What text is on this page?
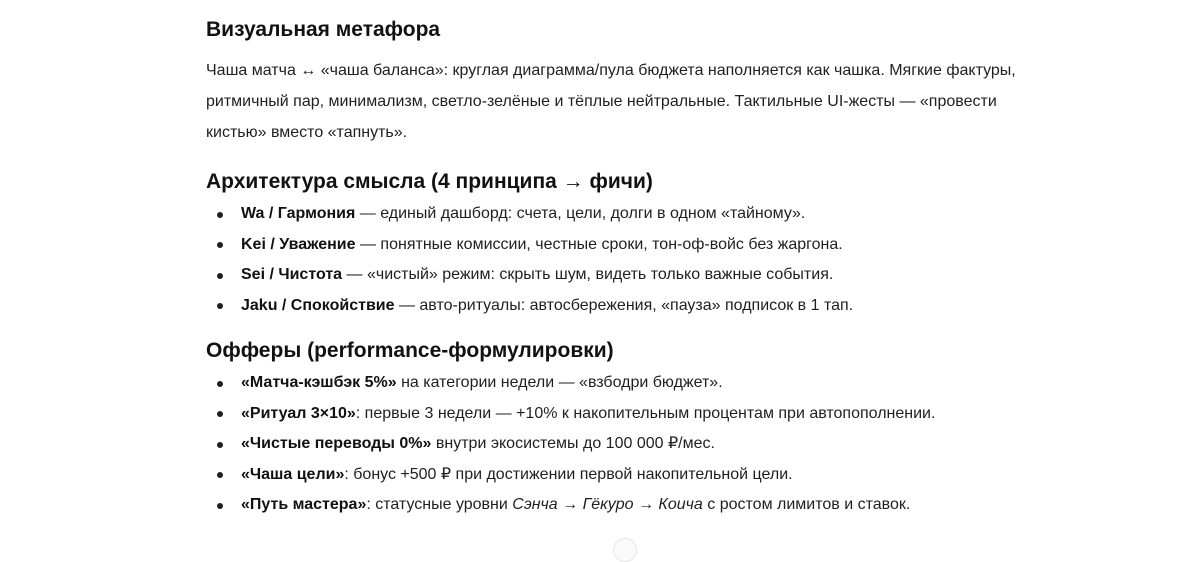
Визуальная метафора

Чаша матча ↔ «чаша баланса»: круглая диаграмма/пула бюджета наполняется как чашка. Мягкие фактуры, ритмичный пар, минимализм, светло-зелёные и тёплые нейтральные. Тактильные UI-жесты — «провести кистью» вместо «тапнуть».

Архитектура смысла (4 принципа → фичи)
Wa / Гармония — единый дашборд: счета, цели, долги в одном «тайному».
Kei / Уважение — понятные комиссии, честные сроки, тон-оф-войс без жаргона.
Sei / Чистота — «чистый» режим: скрыть шум, видеть только важные события.
Jaku / Спокойствие — авто-ритуалы: автосбережения, «пауза» подписок в 1 тап.
Офферы (performance-формулировки)
«Матча-кэшбэк 5%» на категории недели — «взбодри бюджет».
«Ритуал 3×10»: первые 3 недели — +10% к накопительным процентам при автопополнении.
«Чистые переводы 0%» внутри экосистемы до 100 000 ₽/мес.
«Чаша цели»: бонус +500 ₽ при достижении первой накопительной цели.
«Путь мастера»: статусные уровни Сэнча → Гёкуро → Коича с ростом лимитов и ставок.
